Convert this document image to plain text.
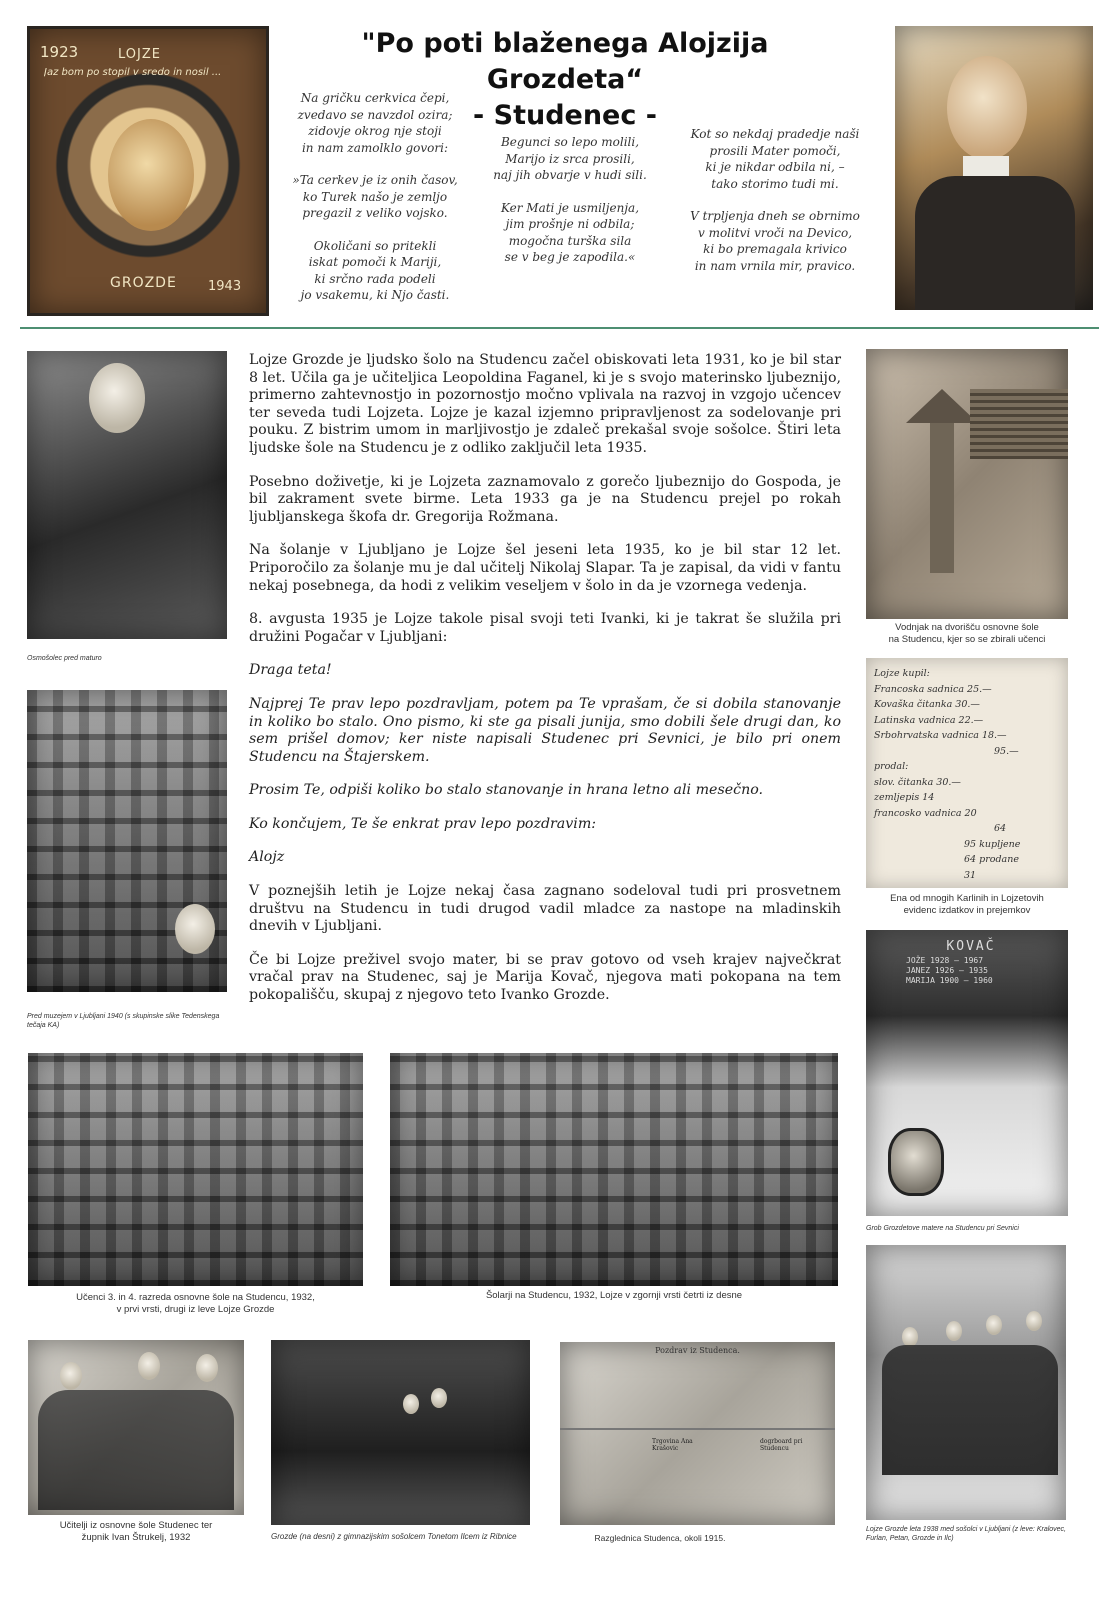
"Po poti blaženega Alojzija Grozdeta“
- Studenec -
1923	LOJZE
Jaz bom po stopil v sredo in nosil ...
GROZDE 1943

Na gričku cerkvica čepi,
zvedavo se navzdol ozira;
zidovje okrog nje stoji
in nam zamolklo govori:

»Ta cerkev je iz onih časov,
ko Turek našo je zemljo
pregazil z veliko vojsko.

Okoličani so pritekli
iskat pomoči k Mariji,
ki srčno rada podeli
jo vsakemu, ki Njo časti.

Begunci so lepo molili,
Marijo iz srca prosili,
naj jih obvarje v hudi sili.

Ker Mati je usmiljenja,
jim prošnje ni odbila;
mogočna turška sila
se v beg je zapodila.«

Kot so nekdaj pradedje naši
prosili Mater pomoči,
ki je nikdar odbila ni, –
tako storimo tudi mi.

V trpljenja dneh se obrnimo
v molitvi vroči na Devico,
ki bo premagala krivico
in nam vrnila mir, pravico.

Osmošolec pred maturo
Pred muzejem v Ljubljani 1940 (s skupinske slike Tedenskega tečaja KA)

Lojze Grozde je ljudsko šolo na Studencu začel obiskovati leta 1931, ko je bil star 8 let. Učila ga je učiteljica Leopoldina Faganel, ki je s svojo materinsko ljubeznijo, primerno zahtevnostjo in pozornostjo močno vplivala na razvoj in vzgojo učencev ter seveda tudi Lojzeta. Lojze je kazal izjemno pripravljenost za sodelovanje pri pouku. Z bistrim umom in marljivostjo je zdaleč prekašal svoje sošolce. Štiri leta ljudske šole na Studencu je z odliko zaključil leta 1935.

Posebno doživetje, ki je Lojzeta zaznamovalo z gorečo ljubeznijo do Gospoda, je bil zakrament svete birme. Leta 1933 ga je na Studencu prejel po rokah ljubljanskega škofa dr. Gregorija Rožmana.

Na šolanje v Ljubljano je Lojze šel jeseni leta 1935, ko je bil star 12 let. Priporočilo za šolanje mu je dal učitelj Nikolaj Slapar. Ta je zapisal, da vidi v fantu nekaj posebnega, da hodi z velikim veseljem v šolo in da je vzornega vedenja.

8. avgusta 1935 je Lojze takole pisal svoji teti Ivanki, ki je takrat še služila pri družini Pogačar v Ljubljani:

Draga teta!

Najprej Te prav lepo pozdravljam, potem pa Te vprašam, če si dobila stanovanje in koliko bo stalo. Ono pismo, ki ste ga pisali junija, smo dobili šele drugi dan, ko sem prišel domov; ker niste napisali Studenec pri Sevnici, je bilo pri onem Studencu na Štajerskem.

Prosim Te, odpiši koliko bo stalo stanovanje in hrana letno ali mesečno.

Ko končujem, Te še enkrat prav lepo pozdravim:

Alojz

V poznejših letih je Lojze nekaj časa zagnano sodeloval tudi pri prosvetnem društvu na Studencu in tudi drugod vadil mladce za nastope na mladinskih dnevih v Ljubljani.

Če bi Lojze preživel svojo mater, bi se prav gotovo od vseh krajev največkrat vračal prav na Studenec, saj je Marija Kovač, njegova mati pokopana na tem pokopališču, skupaj z njegovo teto Ivanko Grozde.

Vodnjak na dvorišču osnovne šole
na Studencu, kjer so se zbirali učenci
Lojze kupil:
Francoska sadnica 25.—
Kovaška čitanka 30.—
Latinska vadnica 22.—
Srbohrvatska vadnica 18.—
95.—
prodal:
slov. čitanka 30.—
zemljepis 14
francosko vadnica 20
64
95 kupljene
64 prodane
31
Ena od mnogih Karlinih in Lojzetovih
evidenc izdatkov in prejemkov
KOVAČ
JOŽE 1928 – 1967
JANEZ 1926 – 1935
MARIJA 1900 – 1960
Grob Grozdetove matere na Studencu pri Sevnici
Učenci 3. in 4. razreda osnovne šole na Studencu, 1932,
v prvi vrsti, drugi iz leve Lojze Grozde
Šolarji na Studencu, 1932, Lojze v zgornji vrsti četrti iz desne
Učitelji iz osnovne šole Studenec ter
župnik Ivan Štrukelj, 1932	Grozde (na desni) z gimnazijskim sošolcem Tonetom Ilcem iz Ribnice
Pozdrav iz Studenca.
Trgovina Ana Krašovic
dogrboard pri Studencu
Razglednica Studenca, okoli 1915.
Lojze Grozde leta 1938 med sošolci v Ljubljani (z leve: Kralovec, Furlan, Petan, Grozde in Ilc)
